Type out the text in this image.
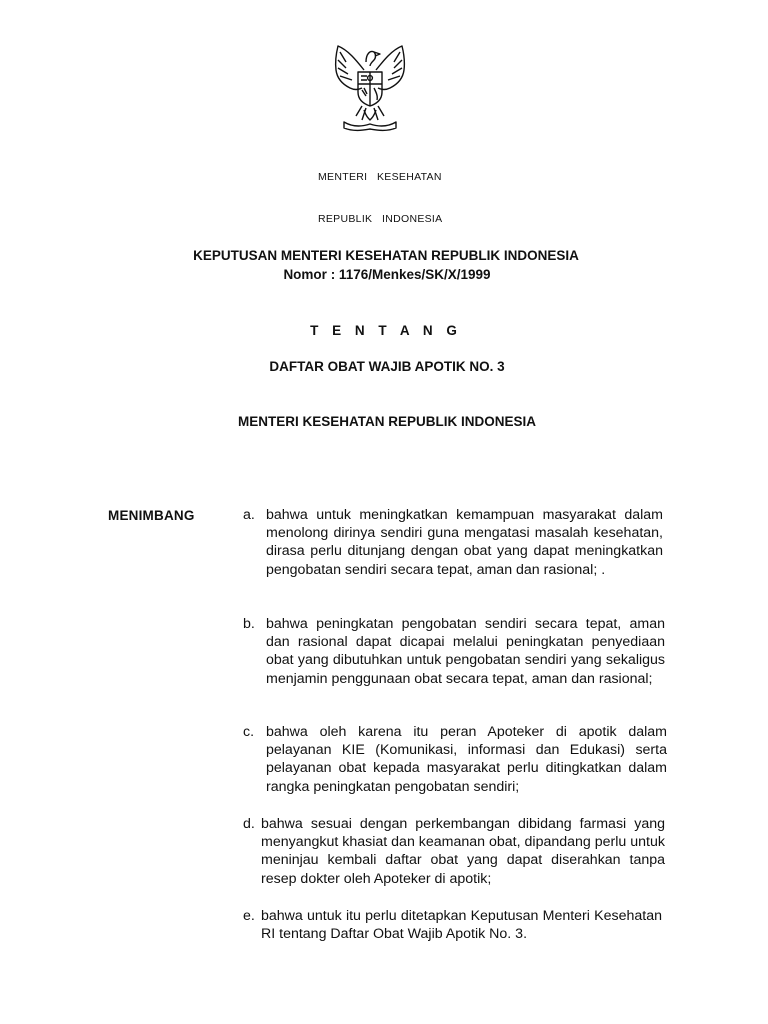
MENTERI   KESEHATAN

REPUBLIK   INDONESIA

KEPUTUSAN MENTERI KESEHATAN REPUBLIK INDONESIA
Nomor : 1176/Menkes/SK/X/1999
T E N T A N G
DAFTAR OBAT WAJIB APOTIK NO. 3
MENTERI KESEHATAN REPUBLIK INDONESIA
MENIMBANG	a. bahwa untuk meningkatkan kemampuan masyarakat dalam menolong dirinya sendiri guna mengatasi masalah kesehatan, dirasa perlu ditunjang dengan obat yang dapat meningkatkan pengobatan sendiri secara tepat, aman dan rasional; .
b. bahwa peningkatan pengobatan sendiri secara tepat, aman dan rasional dapat dicapai melalui peningkatan penyediaan obat yang dibutuhkan untuk pengobatan sendiri yang sekaligus menjamin penggunaan obat secara tepat, aman dan rasional;
c. bahwa oleh karena itu peran Apoteker di apotik dalam pelayanan KIE (Komunikasi, informasi dan Edukasi) serta pelayanan obat kepada masyarakat perlu ditingkatkan dalam rangka peningkatan pengobatan sendiri;
d. bahwa sesuai dengan perkembangan dibidang farmasi yang menyangkut khasiat dan keamanan obat, dipandang perlu untuk meninjau kembali daftar obat yang dapat diserahkan tanpa resep dokter oleh Apoteker di apotik;
e. bahwa untuk itu perlu ditetapkan Keputusan Menteri Kesehatan RI tentang Daftar Obat Wajib Apotik No. 3.
